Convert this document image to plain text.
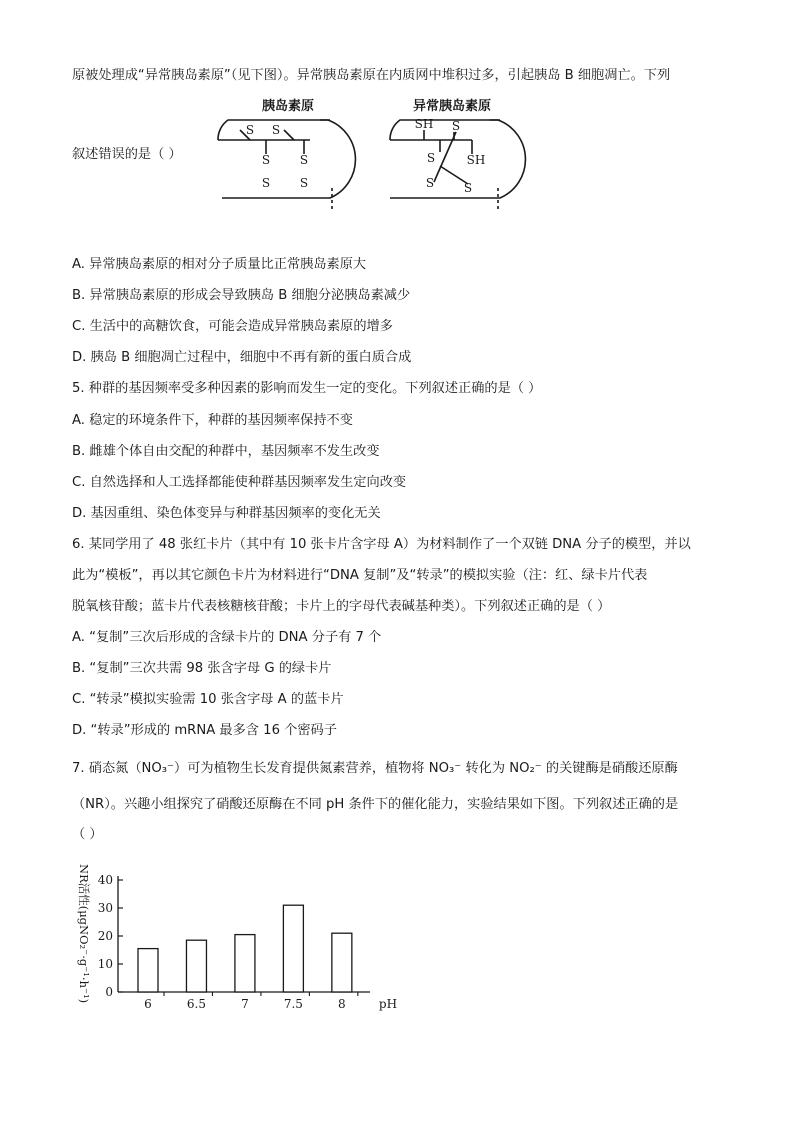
原被处理成“异常胰岛素原”（见下图）。异常胰岛素原在内质网中堆积过多，引起胰岛 B 细胞凋亡。下列
叙述错误的是（ ）
胰岛素原	异常胰岛素原
S S
S
S
S
S
SH S
S	SH
S S
A. 异常胰岛素原的相对分子质量比正常胰岛素原大
B. 异常胰岛素原的形成会导致胰岛 B 细胞分泌胰岛素减少
C. 生活中的高糖饮食，可能会造成异常胰岛素原的增多
D. 胰岛 B 细胞凋亡过程中，细胞中不再有新的蛋白质合成
5. 种群的基因频率受多种因素的影响而发生一定的变化。下列叙述正确的是（ ）
A. 稳定的环境条件下，种群的基因频率保持不变
B. 雌雄个体自由交配的种群中，基因频率不发生改变
C. 自然选择和人工选择都能使种群基因频率发生定向改变
D. 基因重组、染色体变异与种群基因频率的变化无关
6. 某同学用了 48 张红卡片（其中有 10 张卡片含字母 A）为材料制作了一个双链 DNA 分子的模型，并以
此为“模板”，再以其它颜色卡片为材料进行“DNA 复制”及“转录”的模拟实验（注：红、绿卡片代表
脱氧核苷酸；蓝卡片代表核糖核苷酸；卡片上的字母代表碱基种类）。下列叙述正确的是（ ）
A. “复制”三次后形成的含绿卡片的 DNA 分子有 7 个
B. “复制”三次共需 98 张含字母 G 的绿卡片
C. “转录”模拟实验需 10 张含字母 A 的蓝卡片
D. “转录”形成的 mRNA 最多含 16 个密码子
7. 硝态氮（NO₃⁻）可为植物生长发育提供氮素营养，植物将 NO₃⁻ 转化为 NO₂⁻ 的关键酶是硝酸还原酶
（NR）。兴趣小组探究了硝酸还原酶在不同 pH 条件下的催化能力，实验结果如下图。下列叙述正确的是
（ ）
0
10
20
30
40
6	6.5	7	7.5	8	pH
NR活性(μgNO₂⁻·g⁻¹·h⁻¹)
